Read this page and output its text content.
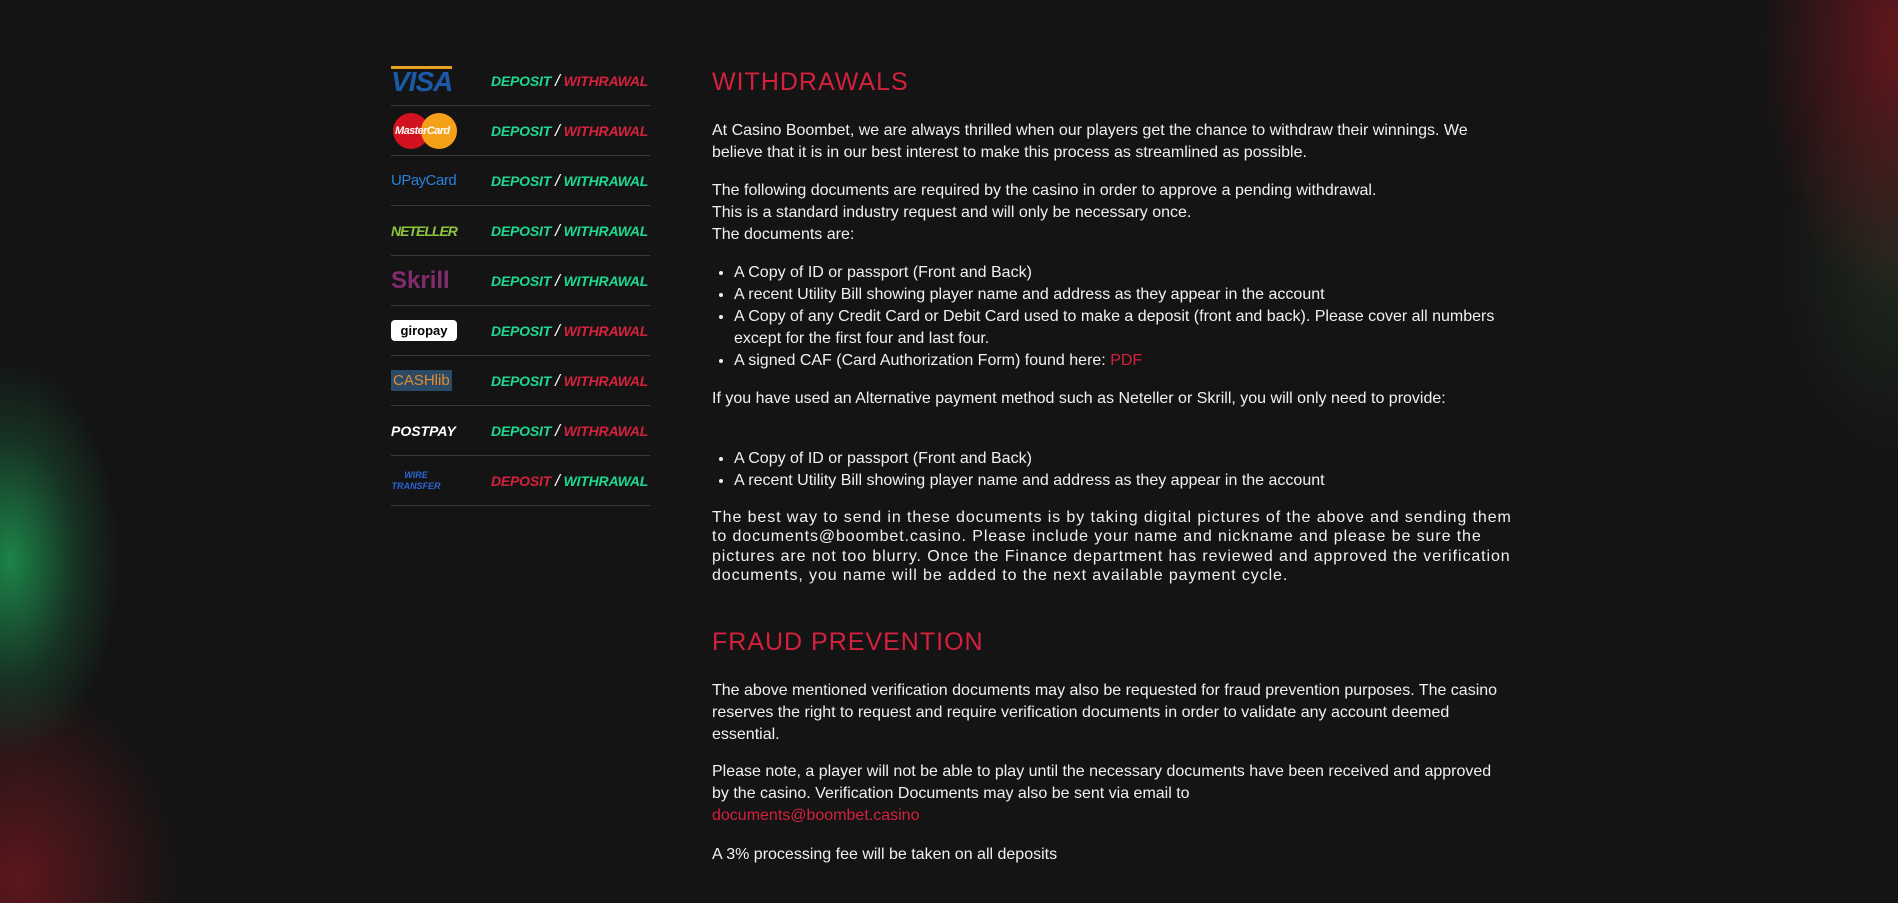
VISA	DEPOSIT / WITHRAWAL
MasterCard	DEPOSIT / WITHRAWAL
UPayCard DEPOSIT / WITHRAWAL
NETELLER DEPOSIT / WITHRAWAL
Skrill	DEPOSIT / WITHRAWAL
giropay	DEPOSIT / WITHRAWAL
CASHlib	DEPOSIT / WITHRAWAL
POSTPAY	DEPOSIT / WITHRAWAL
WIRE TRANSFER	DEPOSIT / WITHRAWAL
WITHDRAWALS

At Casino Boombet, we are always thrilled when our players get the chance to withdraw their winnings. We believe that it is in our best interest to make this process as streamlined as possible.

The following documents are required by the casino in order to approve a pending withdrawal.

This is a standard industry request and will only be necessary once.

The documents are:

• A Copy of ID or passport (Front and Back)
• A recent Utility Bill showing player name and address as they appear in the account
• A Copy of any Credit Card or Debit Card used to make a deposit (front and back). Please cover all numbers except for the first four and last four.
• A signed CAF (Card Authorization Form) found here: PDF

If you have used an Alternative payment method such as Neteller or Skrill, you will only need to provide:

• A Copy of ID or passport (Front and Back)
• A recent Utility Bill showing player name and address as they appear in the account

The best way to send in these documents is by taking digital pictures of the above and sending them to documents@boombet.casino. Please include your name and nickname and please be sure the pictures are not too blurry. Once the Finance department has reviewed and approved the verification documents, you name will be added to the next available payment cycle.

FRAUD PREVENTION

The above mentioned verification documents may also be requested for fraud prevention purposes. The casino reserves the right to request and require verification documents in order to validate any account deemed essential.

Please note, a player will not be able to play until the necessary documents have been received and approved by the casino. Verification Documents may also be sent via email to

documents@boombet.casino

A 3% processing fee will be taken on all deposits
